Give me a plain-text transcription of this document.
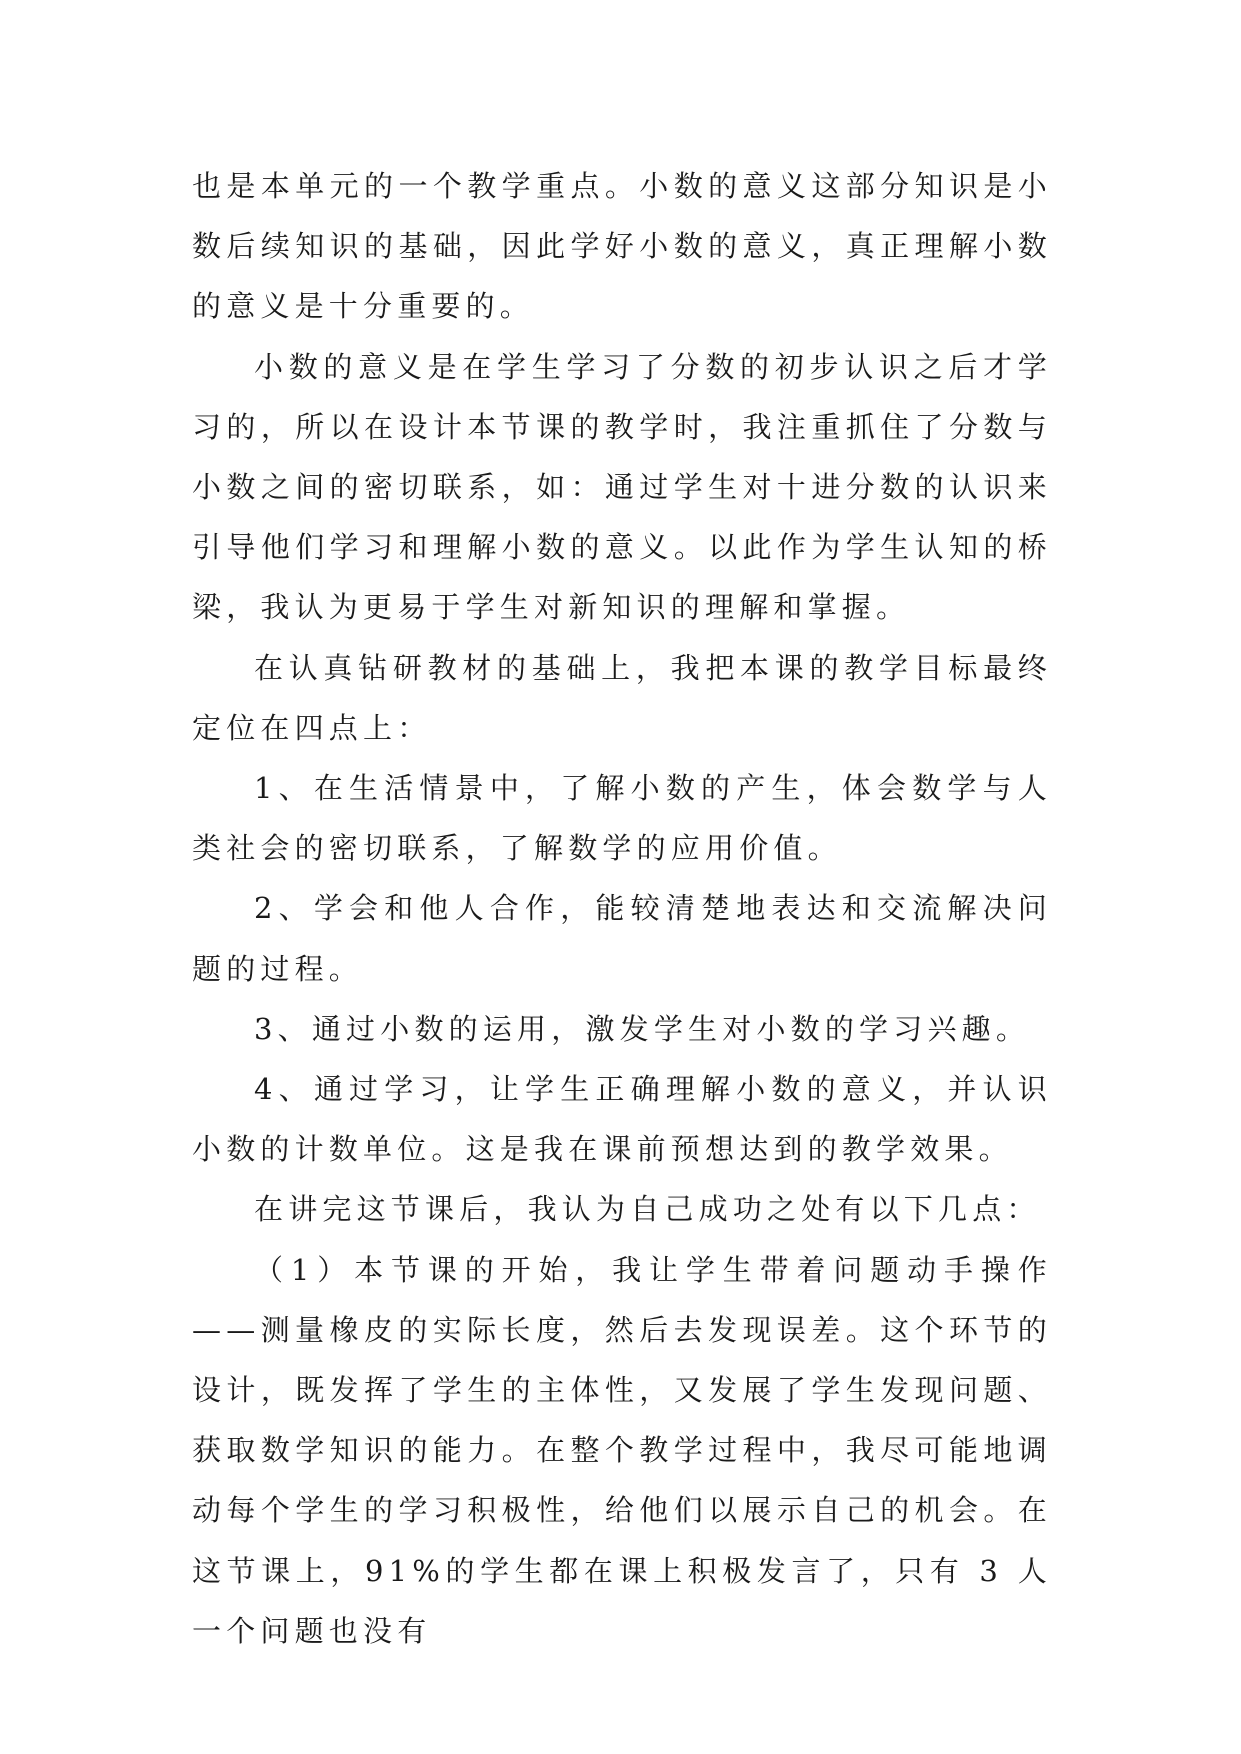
也是本单元的一个教学重点。小数的意义这部分知识是小数后续知识的基础，因此学好小数的意义，真正理解小数的意义是十分重要的。

小数的意义是在学生学习了分数的初步认识之后才学习的，所以在设计本节课的教学时，我注重抓住了分数与小数之间的密切联系，如：通过学生对十进分数的认识来引导他们学习和理解小数的意义。以此作为学生认知的桥梁，我认为更易于学生对新知识的理解和掌握。

在认真钻研教材的基础上，我把本课的教学目标最终定位在四点上：

1、在生活情景中，了解小数的产生，体会数学与人类社会的密切联系，了解数学的应用价值。

2、学会和他人合作，能较清楚地表达和交流解决问题的过程。

3、通过小数的运用，激发学生对小数的学习兴趣。

4、通过学习，让学生正确理解小数的意义，并认识小数的计数单位。这是我在课前预想达到的教学效果。

在讲完这节课后，我认为自己成功之处有以下几点：

（1）本节课的开始，我让学生带着问题动手操作——测量橡皮的实际长度，然后去发现误差。这个环节的设计，既发挥了学生的主体性，又发展了学生发现问题、获取数学知识的能力。在整个教学过程中，我尽可能地调动每个学生的学习积极性，给他们以展示自己的机会。在这节课上，91%的学生都在课上积极发言了，只有 3 人一个问题也没有
